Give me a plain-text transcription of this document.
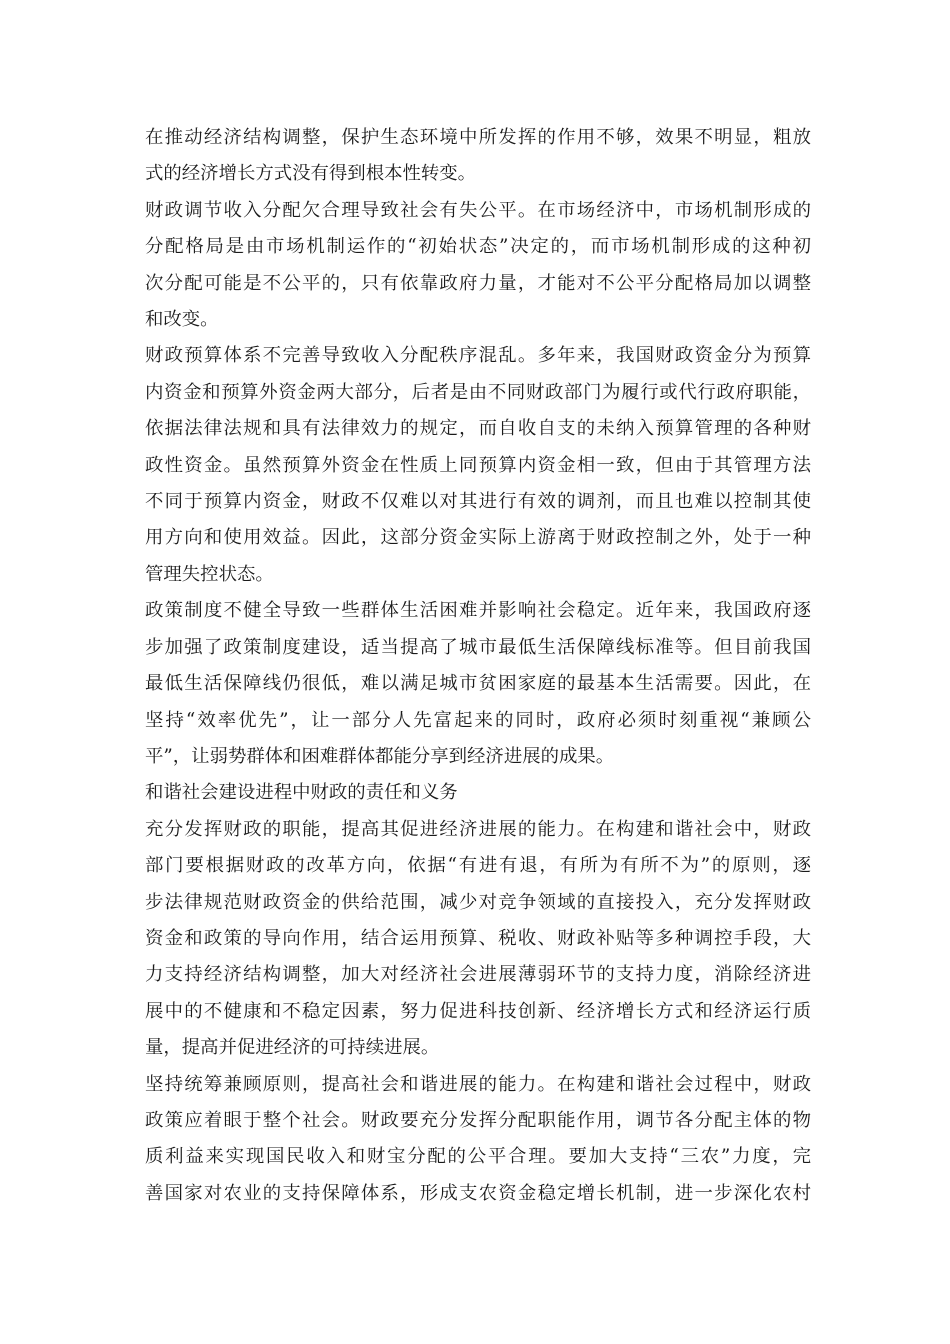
在推动经济结构调整，保护生态环境中所发挥的作用不够，效果不明显，粗放
式的经济增长方式没有得到根本性转变。

财政调节收入分配欠合理导致社会有失公平。在市场经济中，市场机制形成的
分配格局是由市场机制运作的“初始状态”决定的，而市场机制形成的这种初
次分配可能是不公平的，只有依靠政府力量，才能对不公平分配格局加以调整
和改变。

财政预算体系不完善导致收入分配秩序混乱。多年来，我国财政资金分为预算
内资金和预算外资金两大部分，后者是由不同财政部门为履行或代行政府职能，
依据法律法规和具有法律效力的规定，而自收自支的未纳入预算管理的各种财
政性资金。虽然预算外资金在性质上同预算内资金相一致，但由于其管理方法
不同于预算内资金，财政不仅难以对其进行有效的调剂，而且也难以控制其使
用方向和使用效益。因此，这部分资金实际上游离于财政控制之外，处于一种
管理失控状态。

政策制度不健全导致一些群体生活困难并影响社会稳定。近年来，我国政府逐
步加强了政策制度建设，适当提高了城市最低生活保障线标准等。但目前我国
最低生活保障线仍很低，难以满足城市贫困家庭的最基本生活需要。因此，在
坚持“效率优先”，让一部分人先富起来的同时，政府必须时刻重视“兼顾公
平”，让弱势群体和困难群体都能分享到经济进展的成果。

和谐社会建设进程中财政的责任和义务

充分发挥财政的职能，提高其促进经济进展的能力。在构建和谐社会中，财政
部门要根据财政的改革方向，依据“有进有退，有所为有所不为”的原则，逐
步法律规范财政资金的供给范围，减少对竞争领域的直接投入，充分发挥财政
资金和政策的导向作用，结合运用预算、税收、财政补贴等多种调控手段，大
力支持经济结构调整，加大对经济社会进展薄弱环节的支持力度，消除经济进
展中的不健康和不稳定因素，努力促进科技创新、经济增长方式和经济运行质
量，提高并促进经济的可持续进展。

坚持统筹兼顾原则，提高社会和谐进展的能力。在构建和谐社会过程中，财政
政策应着眼于整个社会。财政要充分发挥分配职能作用，调节各分配主体的物
质利益来实现国民收入和财宝分配的公平合理。要加大支持“三农”力度，完
善国家对农业的支持保障体系，形成支农资金稳定增长机制，进一步深化农村
